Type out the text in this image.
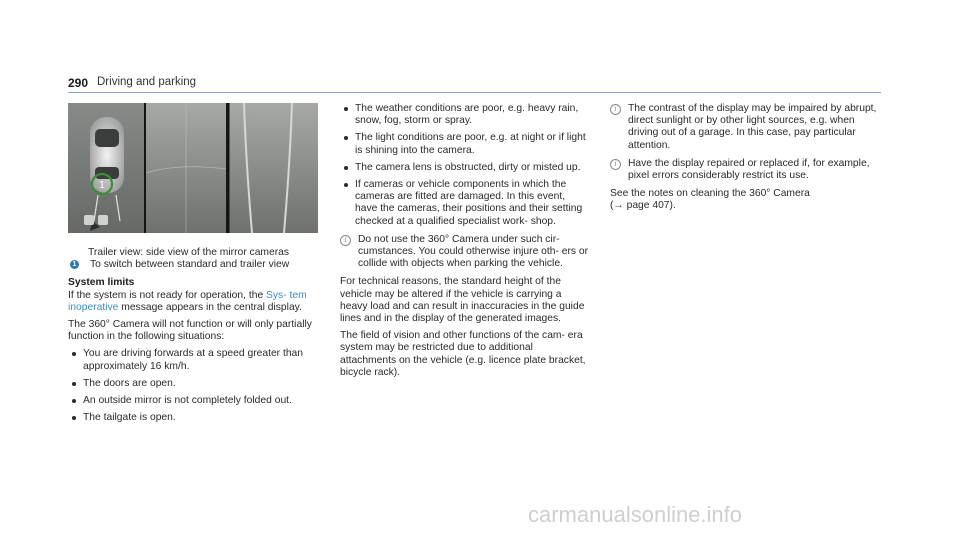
290 Driving and parking
1
Trailer view: side view of the mirror cameras
1 To switch between standard and trailer view
System limits

If the system is not ready for operation, the Sys- tem inoperative message appears in the central display.

The 360° Camera will not function or will only partially function in the following situations:

You are driving forwards at a speed greater than approximately 16 km/h.
The doors are open.
An outside mirror is not completely folded out.
The tailgate is open.
The weather conditions are poor, e.g. heavy rain, snow, fog, storm or spray.
The light conditions are poor, e.g. at night or if light is shining into the camera.
The camera lens is obstructed, dirty or misted up.
If cameras or vehicle components in which the cameras are fitted are damaged. In this event, have the cameras, their positions and their setting checked at a qualified specialist work- shop.
i	Do not use the 360° Camera under such cir- cumstances. You could otherwise injure oth- ers or collide with objects when parking the vehicle.

For technical reasons, the standard height of the vehicle may be altered if the vehicle is carrying a heavy load and can result in inaccuracies in the guide lines and in the display of the generated images.

The field of vision and other functions of the cam- era system may be restricted due to additional attachments on the vehicle (e.g. licence plate bracket, bicycle rack).

i	The contrast of the display may be impaired by abrupt, direct sunlight or by other light sources, e.g. when driving out of a garage. In this case, pay particular attention.
i	Have the display repaired or replaced if, for example, pixel errors considerably restrict its use.

See the notes on cleaning the 360° Camera
(→ page 407).

carmanualsonline.info
